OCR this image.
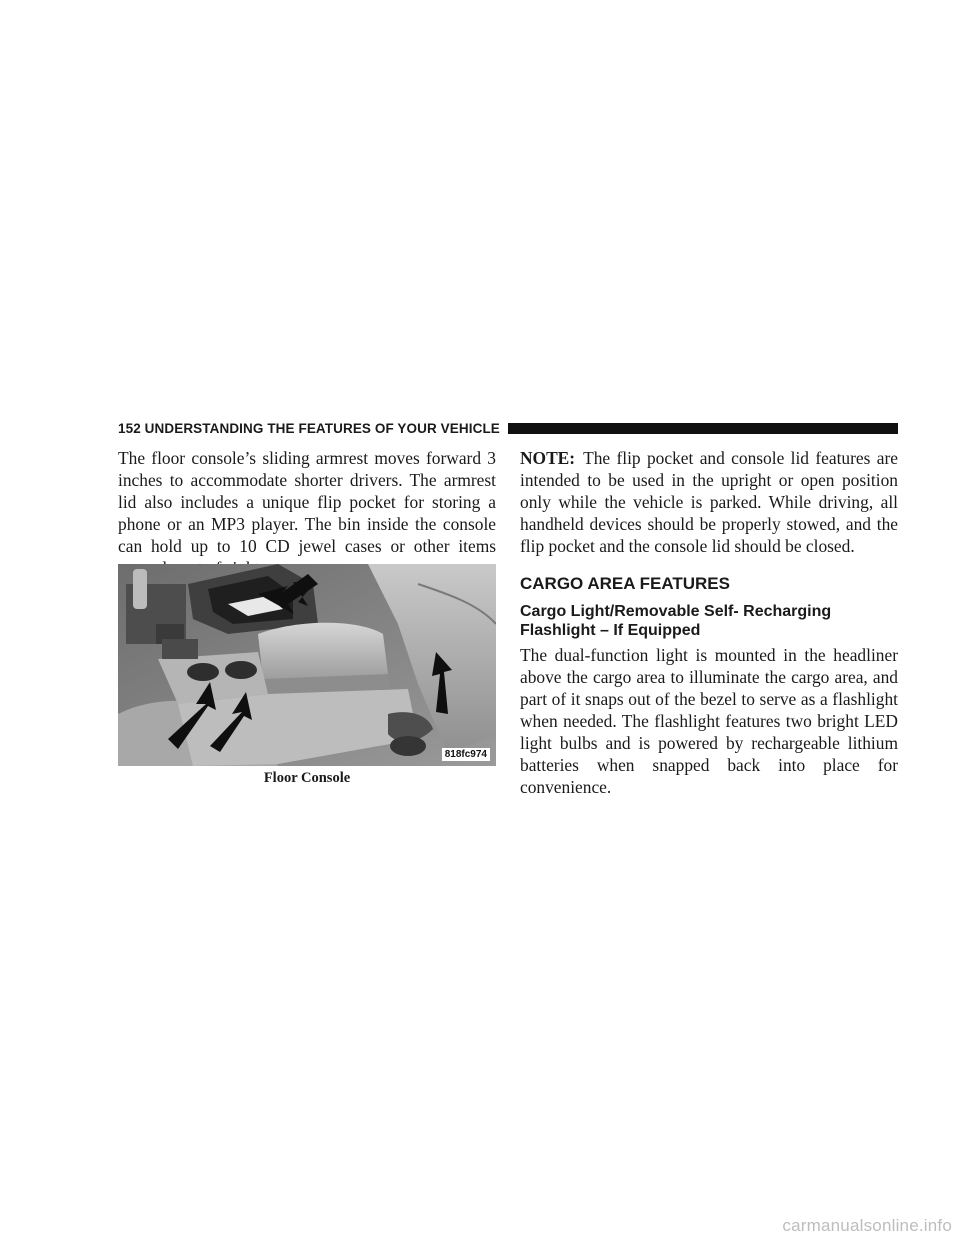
152 UNDERSTANDING THE FEATURES OF YOUR VEHICLE

The floor console’s sliding armrest moves forward 3 inches to accommodate shorter drivers. The armrest lid also includes a unique flip pocket for storing a phone or an MP3 player. The bin inside the console can hold up to 10 CD jewel cases or other items

818fc974
Floor Console

NOTE: The flip pocket and console lid features are intended to be used in the upright or open position only while the vehicle is parked. While driving, all handheld devices should be properly stowed, and the flip pocket and the console lid should be closed.

CARGO AREA FEATURES
Cargo Light/Removable Self- Recharging Flashlight – If Equipped

The dual-function light is mounted in the headliner above the cargo area to illuminate the cargo area, and part of it snaps out of the bezel to serve as a flashlight when needed. The flashlight features two bright LED light bulbs and is powered by rechargeable lithium batteries when snapped back into place for convenience.

carmanualsonline.info
